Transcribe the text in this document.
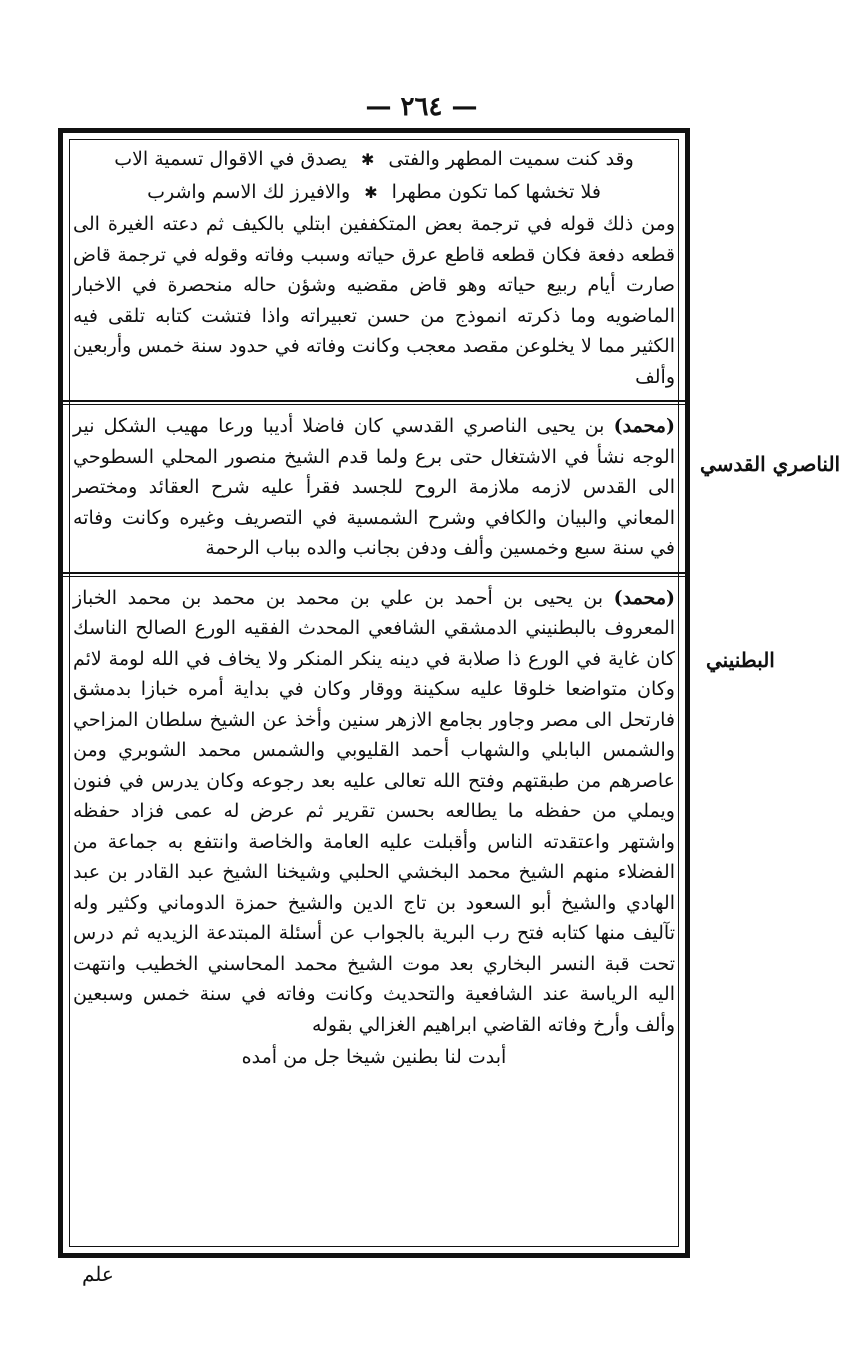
— ٢٦٤ —
الناصري القدسي
البطنيني
وقد كنت سميت المطهر والفتى
✱
يصدق في الاقوال تسمية الاب
فلا تخشها كما تكون مطهرا
✱
والافيرز لك الاسم واشرب

ومن ذلك قوله في ترجمة بعض المتكففين ابتلي بالكيف ثم دعته الغيرة الى قطعه دفعة فكان قطعه قاطع عرق حياته وسبب وفاته وقوله في ترجمة قاض صارت أيام ربيع حياته وهو قاض مقضيه وشؤن حاله منحصرة في الاخبار الماضويه وما ذكرته انموذج من حسن تعبيراته واذا فتشت كتابه تلقى فيه الكثير مما لا يخلوعن مقصد معجب وكانت وفاته في حدود سنة خمس وأربعين وألف

(محمد) بن يحيى الناصري القدسي كان فاضلا أديبا ورعا مهيب الشكل نير الوجه نشأ في الاشتغال حتى برع ولما قدم الشيخ منصور المحلي السطوحي الى القدس لازمه ملازمة الروح للجسد فقرأ عليه شرح العقائد ومختصر المعاني والبيان والكافي وشرح الشمسية في التصريف وغيره وكانت وفاته في سنة سبع وخمسين وألف ودفن بجانب والده بباب الرحمة

(محمد) بن يحيى بن أحمد بن علي بن محمد بن محمد بن محمد الخباز المعروف بالبطنيني الدمشقي الشافعي المحدث الفقيه الورع الصالح الناسك كان غاية في الورع ذا صلابة في دينه ينكر المنكر ولا يخاف في الله لومة لائم وكان متواضعا خلوقا عليه سكينة ووقار وكان في بداية أمره خبازا بدمشق فارتحل الى مصر وجاور بجامع الازهر سنين وأخذ عن الشيخ سلطان المزاحي والشمس البابلي والشهاب أحمد القليوبي والشمس محمد الشوبري ومن عاصرهم من طبقتهم وفتح الله تعالى عليه بعد رجوعه وكان يدرس في فنون ويملي من حفظه ما يطالعه بحسن تقرير ثم عرض له عمى فزاد حفظه واشتهر واعتقدته الناس وأقبلت عليه العامة والخاصة وانتفع به جماعة من الفضلاء منهم الشيخ محمد البخشي الحلبي وشيخنا الشيخ عبد القادر بن عبد الهادي والشيخ أبو السعود بن تاج الدين والشيخ حمزة الدوماني وكثير وله تآليف منها كتابه فتح رب البرية بالجواب عن أسئلة المبتدعة الزيديه ثم درس تحت قبة النسر البخاري بعد موت الشيخ محمد المحاسني الخطيب وانتهت اليه الرياسة عند الشافعية والتحديث وكانت وفاته في سنة خمس وسبعين وألف وأرخ وفاته القاضي ابراهيم الغزالي بقوله

أبدت لنا بطنين شيخا جل من أمده

علم
